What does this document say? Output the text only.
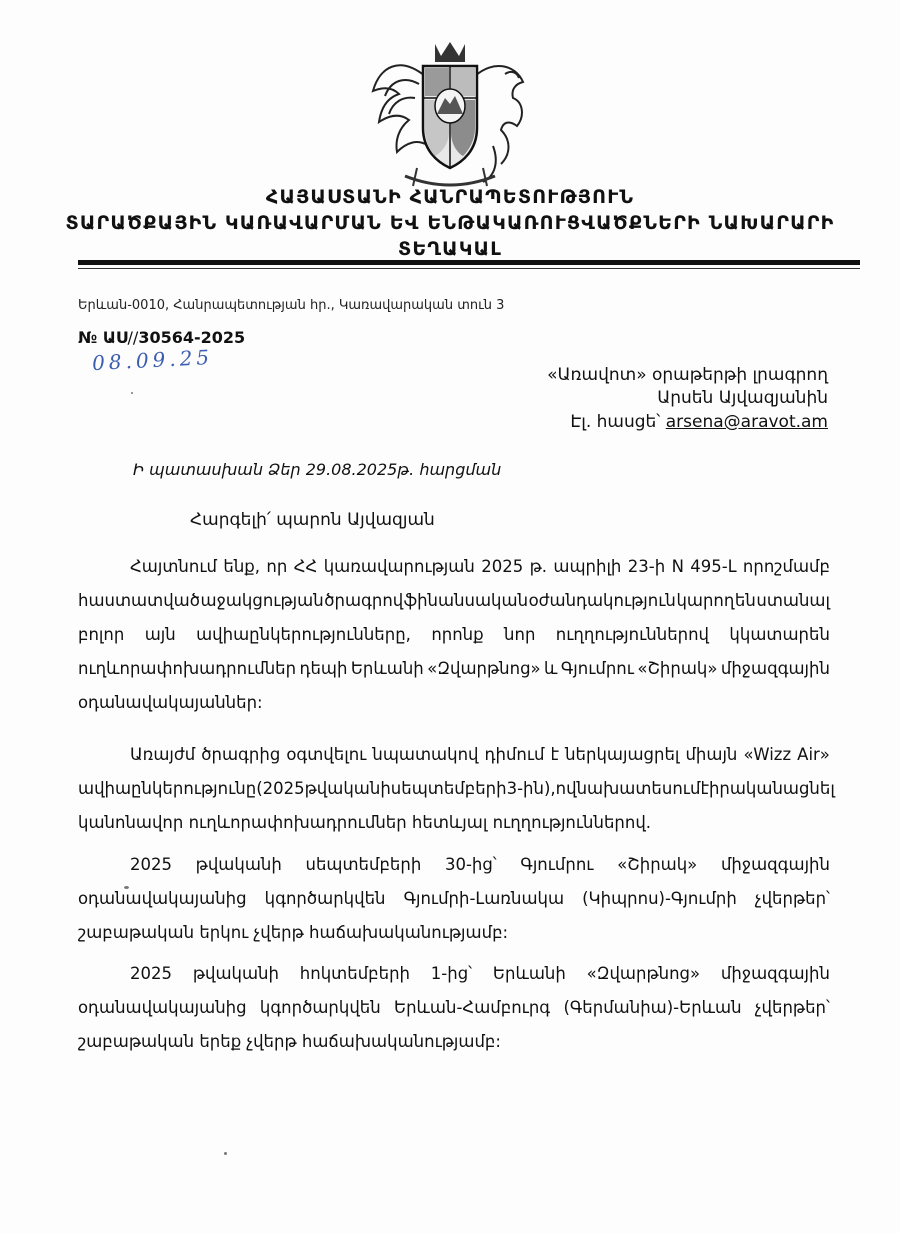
ՀԱՅԱՍՏԱՆԻ ՀԱՆՐԱՊԵՏՈՒԹՅՈՒՆ
ՏԱՐԱԾՔԱՅԻՆ ԿԱՌԱՎԱՐՄԱՆ ԵՎ ԵՆԹԱԿԱՌՈՒՑՎԱԾՔՆԵՐԻ ՆԱԽԱՐԱՐԻ
ՏԵՂԱԿԱԼ
Երևան-0010, Հանրապետության հր., Կառավարական տուն 3
№ ԱՍ//30564-2025
08.09.25	«Առավոտ» օրաթերթի լրագրող
Արսեն Այվազյանին
Էլ. հասցե՝ arsena@aravot.am
Ի պատասխան Ձեր 29.08.2025թ. հարցման
Հարգելի՛ պարոն Այվազյան
Հայտնում ենք, որ ՀՀ կառավարության 2025 թ. ապրիլի 23-ի N 495-Լ որոշմամբ
հաստատված աջակցության ծրագրով ֆինանսական օժանդակություն կարող են ստանալ
բոլոր այն ավիաընկերությունները, որոնք նոր ուղղություններով կկատարեն
ուղևորափոխադրումներ դեպի Երևանի «Զվարթնոց» և Գյումրու «Շիրակ» միջազգային
օդանավակայաններ:
Առայժմ ծրագրից օգտվելու նպատակով դիմում է ներկայացրել միայն «Wizz Air»
ավիաընկերությունը (2025 թվականի սեպտեմբերի 3-ին), ով նախատեսում է իրականացնել
կանոնավոր ուղևորափոխադրումներ հետևյալ ուղղություններով.
2025 թվականի սեպտեմբերի 30-ից՝ Գյումրու «Շիրակ» միջազգային
օդանավակայանից կգործարկվեն Գյումրի-Լառնակա (Կիպրոս)-Գյումրի չվերթեր՝
շաբաթական երկու չվերթ հաճախականությամբ:
2025 թվականի հոկտեմբերի 1-ից՝ Երևանի «Զվարթնոց» միջազգային
օդանավակայանից կգործարկվեն Երևան-Համբուրգ (Գերմանիա)-Երևան չվերթեր՝
շաբաթական երեք չվերթ հաճախականությամբ:
